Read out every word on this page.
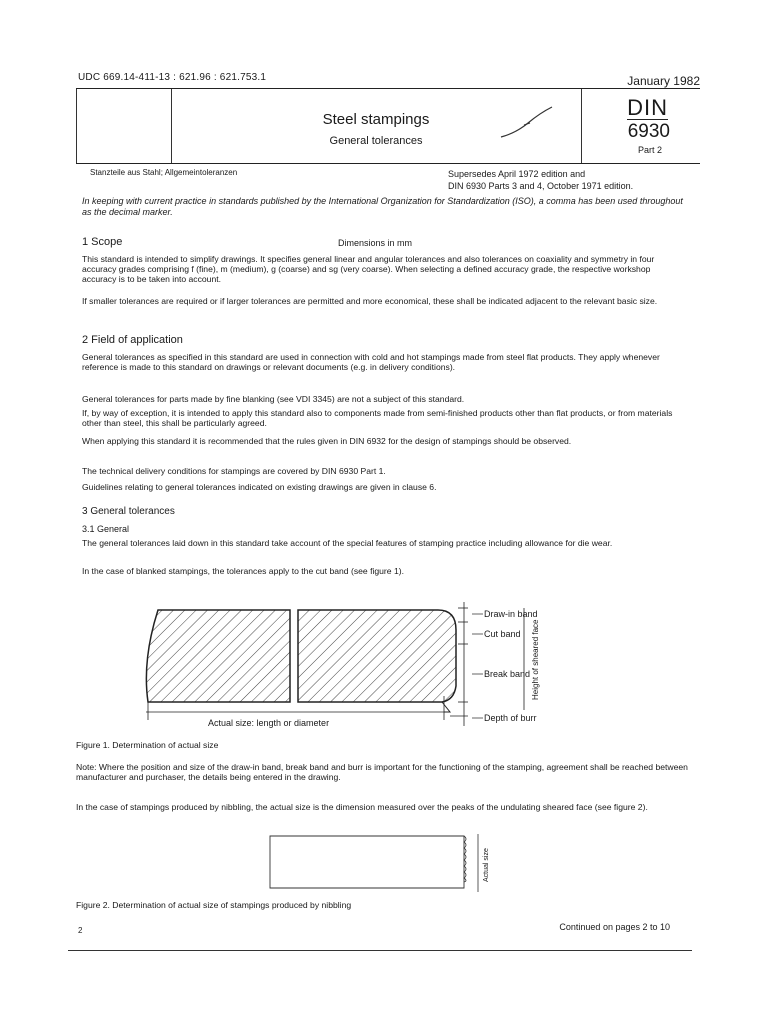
UDC 669.14-411-13 : 621.96 : 621.753.1	January 1982
Steel stampings
General tolerances
DIN
6930
Part 2
Stanzteile aus Stahl; Allgemeintoleranzen	Supersedes April 1972 edition and
DIN 6930 Parts 3 and 4, October 1971 edition.
In keeping with current practice in standards published by the International Organization for Standardization (ISO), a comma has been used throughout as the decimal marker.
1 Scope	Dimensions in mm
This standard is intended to simplify drawings. It specifies general linear and angular tolerances and also tolerances on coaxiality and symmetry in four accuracy grades comprising f (fine), m (medium), g (coarse) and sg (very coarse). When selecting a defined accuracy grade, the respective workshop accuracy is to be taken into account.
If smaller tolerances are required or if larger tolerances are permitted and more economical, these shall be indicated adjacent to the relevant basic size.
2 Field of application
General tolerances as specified in this standard are used in connection with cold and hot stampings made from steel flat products. They apply whenever reference is made to this standard on drawings or relevant documents (e.g. in delivery conditions).
General tolerances for parts made by fine blanking (see VDI 3345) are not a subject of this standard.
If, by way of exception, it is intended to apply this standard also to components made from semi-finished products other than flat products, or from materials other than steel, this shall be particularly agreed.
When applying this standard it is recommended that the rules given in DIN 6932 for the design of stampings should be observed.
The technical delivery conditions for stampings are covered by DIN 6930 Part 1.
Guidelines relating to general tolerances indicated on existing drawings are given in clause 6.
3 General tolerances
3.1 General
The general tolerances laid down in this standard take account of the special features of stamping practice including allowance for die wear.
In the case of blanked stampings, the tolerances apply to the cut band (see figure 1).
Draw-in band
Cut band
Break band
Depth of burr
Height of sheared face
Actual size: length or diameter
Figure 1. Determination of actual size
Note: Where the position and size of the draw-in band, break band and burr is important for the functioning of the stamping, agreement shall be reached between manufacturer and purchaser, the details being entered in the drawing.
In the case of stampings produced by nibbling, the actual size is the dimension measured over the peaks of the undulating sheared face (see figure 2).
Actual size
Figure 2. Determination of actual size of stampings produced by nibbling
2	Continued on pages 2 to 10
